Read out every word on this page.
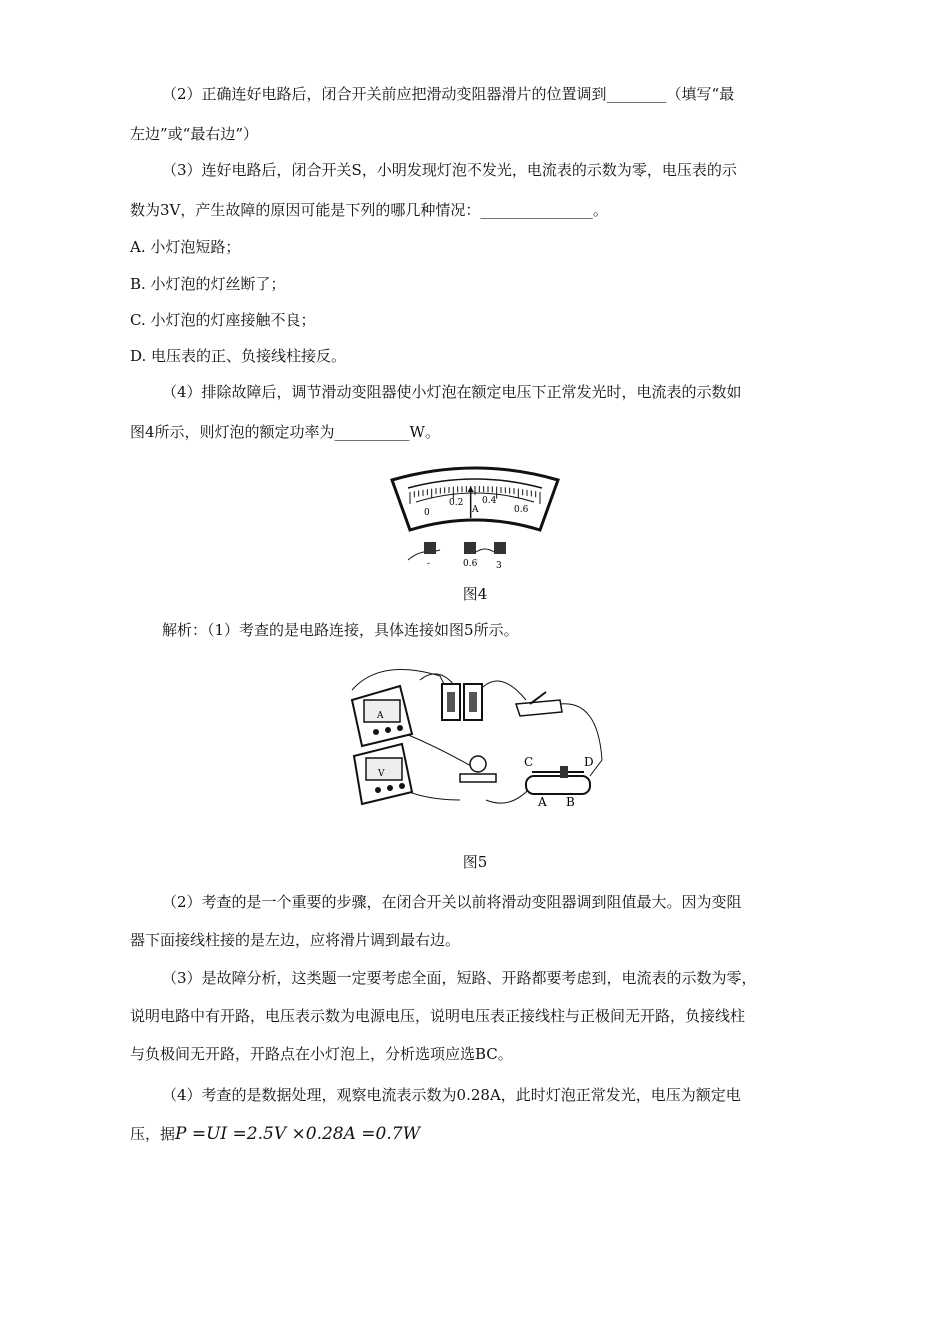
（2）正确连好电路后，闭合开关前应把滑动变阻器滑片的位置调到________（填写“最
左边”或“最右边”）
（3）连好电路后，闭合开关S，小明发现灯泡不发光，电流表的示数为零，电压表的示
数为3V，产生故障的原因可能是下列的哪几种情况：_______________。
A. 小灯泡短路；
B. 小灯泡的灯丝断了；
C. 小灯泡的灯座接触不良；
D. 电压表的正、负接线柱接反。
（4）排除故障后，调节滑动变阻器使小灯泡在额定电压下正常发光时，电流表的示数如
图4所示，则灯泡的额定功率为__________W。
0
0.2 0.4
0.6
A
-	0.6 3
图4
解析：（1）考查的是电路连接，具体连接如图5所示。
A
V
C	D
A B
图5
（2）考查的是一个重要的步骤，在闭合开关以前将滑动变阻器调到阻值最大。因为变阻
器下面接线柱接的是左边，应将滑片调到最右边。
（3）是故障分析，这类题一定要考虑全面，短路、开路都要考虑到，电流表的示数为零，
说明电路中有开路，电压表示数为电源电压，说明电压表正接线柱与正极间无开路，负接线柱
与负极间无开路，开路点在小灯泡上，分析选项应选BC。
（4）考查的是数据处理，观察电流表示数为0.28A，此时灯泡正常发光，电压为额定电
压，据P =UI =2.5V ×0.28A =0.7W
